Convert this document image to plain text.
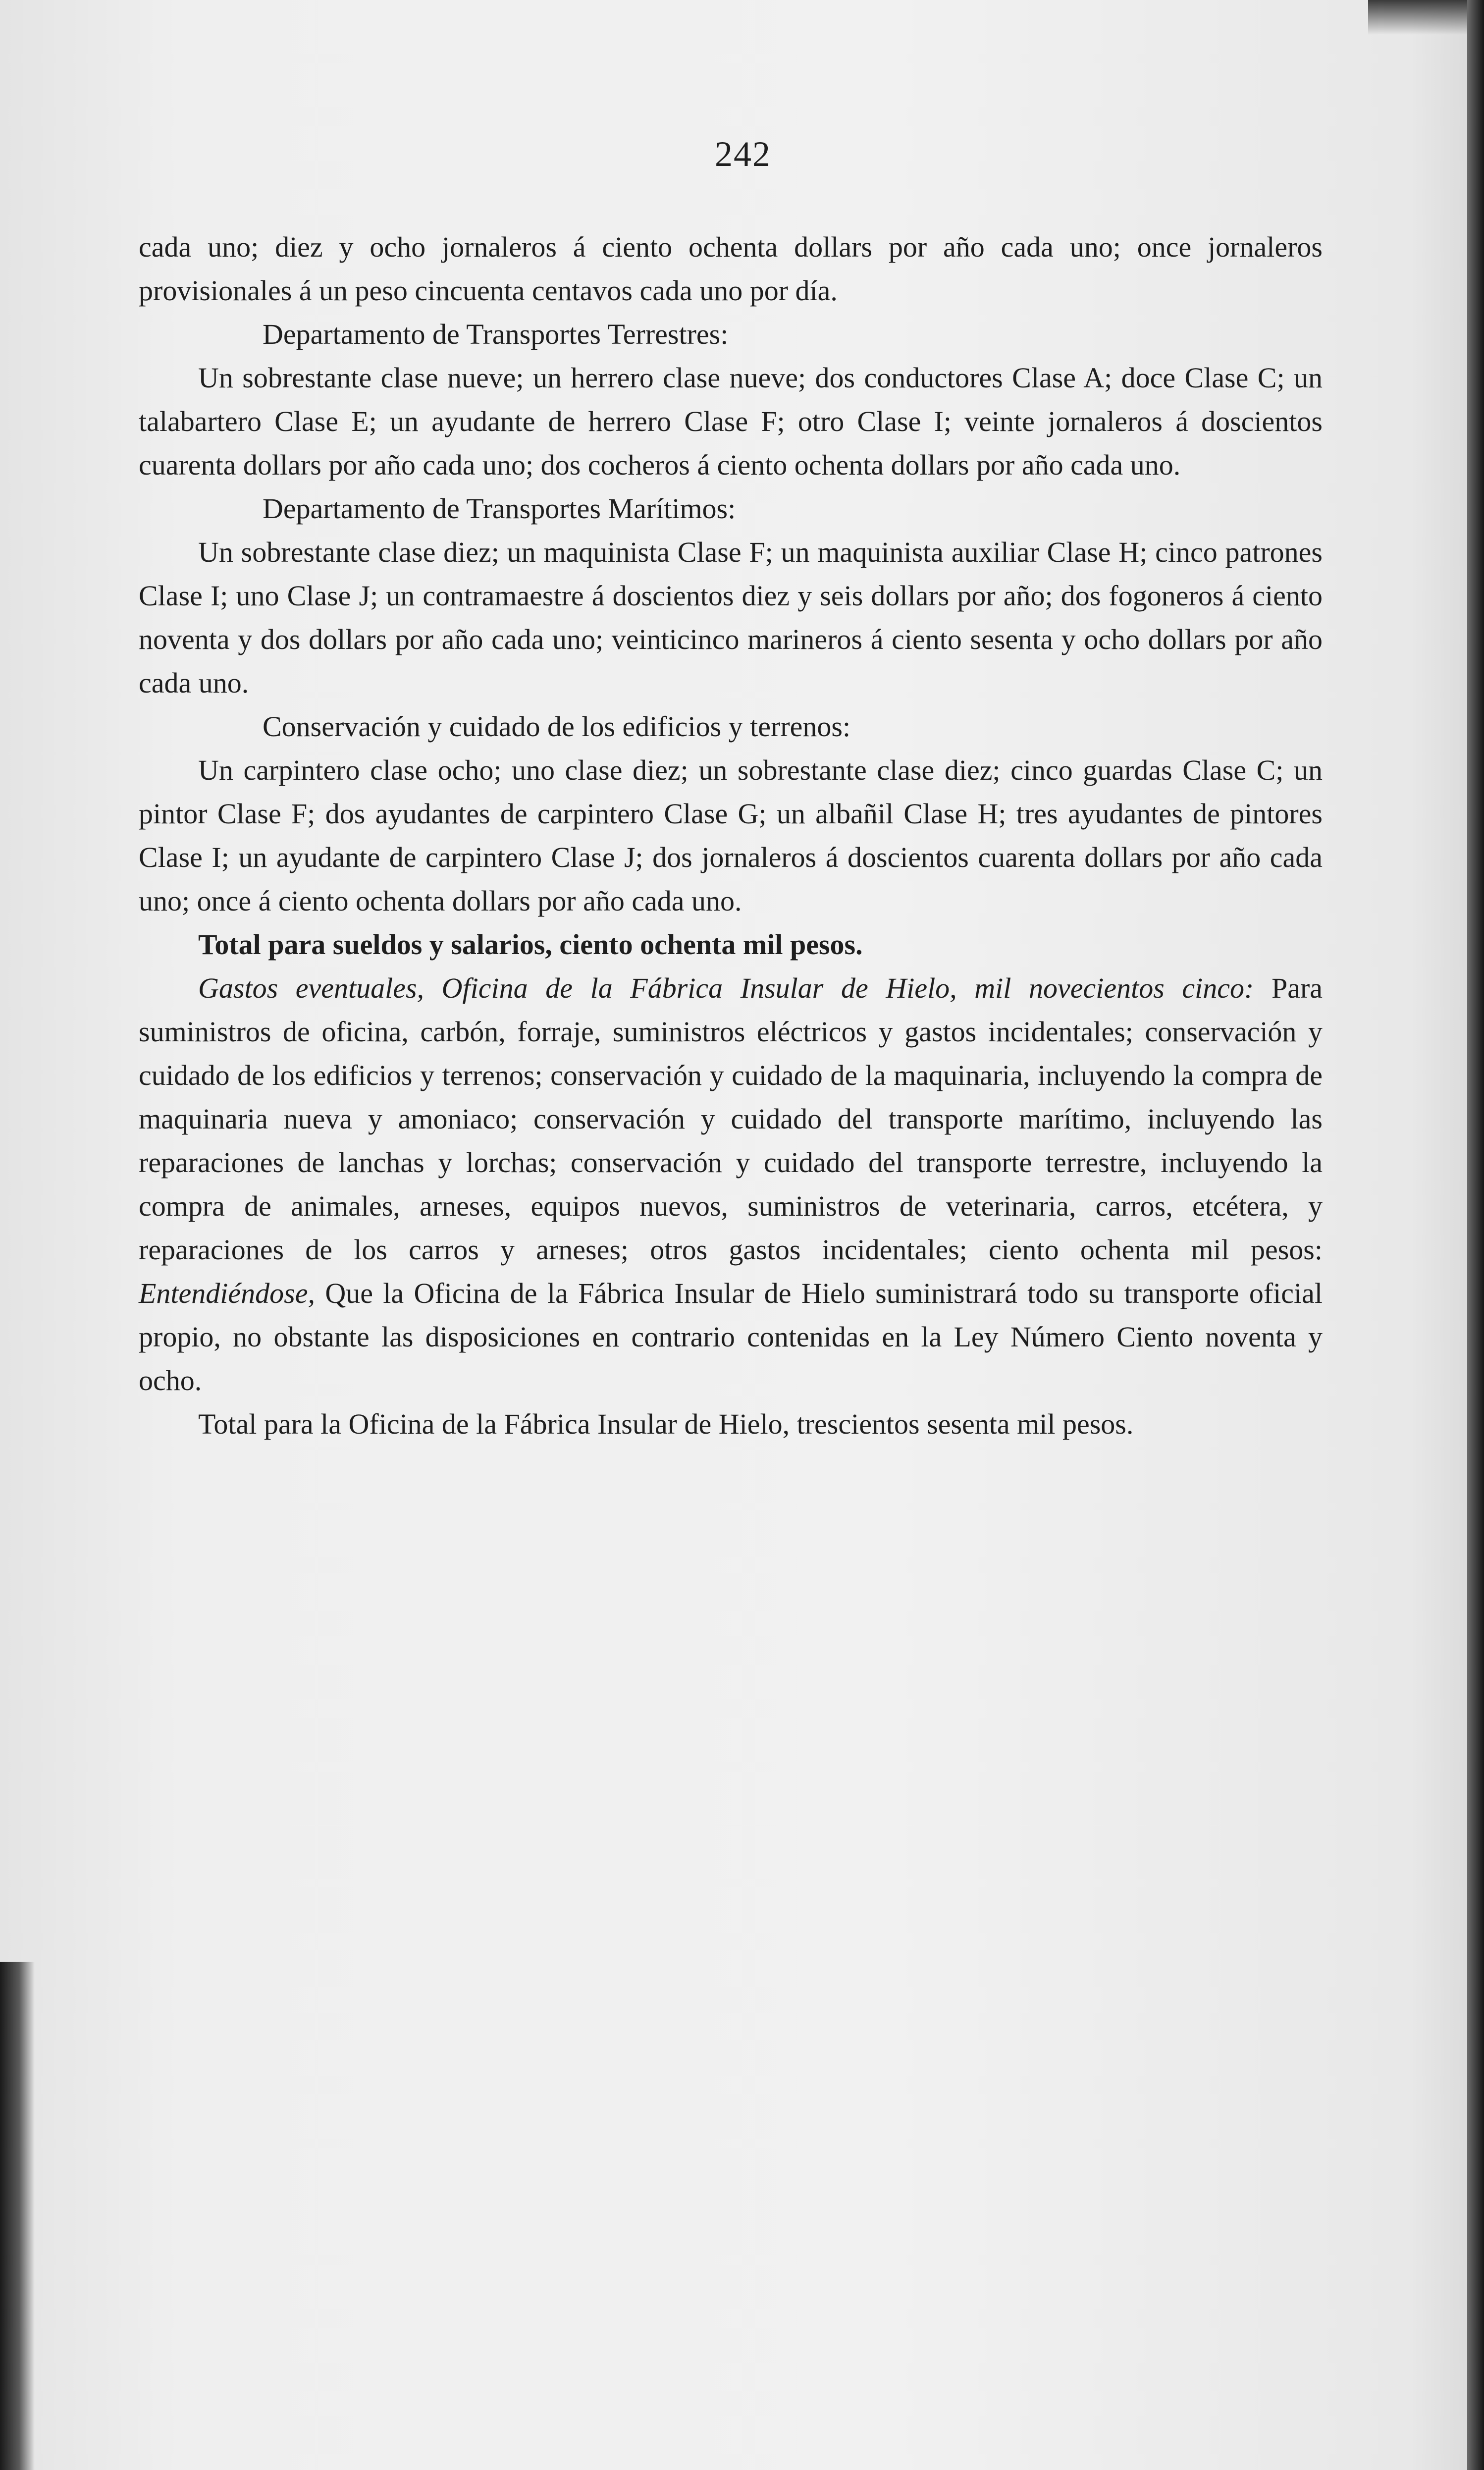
242

cada uno; diez y ocho jornaleros á ciento ochenta dollars por año cada uno; once jornaleros provisionales á un peso cincuenta centavos cada uno por día.

Departamento de Transportes Terrestres:

Un sobrestante clase nueve; un herrero clase nueve; dos conductores Clase A; doce Clase C; un talabartero Clase E; un ayudante de herrero Clase F; otro Clase I; veinte jornaleros á doscientos cuarenta dollars por año cada uno; dos cocheros á ciento ochenta dollars por año cada uno.

Departamento de Transportes Marítimos:

Un sobrestante clase diez; un maquinista Clase F; un maquinista auxiliar Clase H; cinco patrones Clase I; uno Clase J; un contramaestre á doscientos diez y seis dollars por año; dos fogoneros á ciento noventa y dos dollars por año cada uno; veinticinco marineros á ciento sesenta y ocho dollars por año cada uno.

Conservación y cuidado de los edificios y terrenos:

Un carpintero clase ocho; uno clase diez; un sobrestante clase diez; cinco guardas Clase C; un pintor Clase F; dos ayudantes de carpintero Clase G; un albañil Clase H; tres ayudantes de pintores Clase I; un ayudante de carpintero Clase J; dos jornaleros á doscientos cuarenta dollars por año cada uno; once á ciento ochenta dollars por año cada uno.

Total para sueldos y salarios, ciento ochenta mil pesos.

Gastos eventuales, Oficina de la Fábrica Insular de Hielo, mil novecientos cinco: Para suministros de oficina, carbón, forraje, suministros eléctricos y gastos incidentales; conservación y cuidado de los edificios y terrenos; conservación y cuidado de la maquinaria, incluyendo la compra de maquinaria nueva y amoniaco; conservación y cuidado del transporte marítimo, incluyendo las reparaciones de lanchas y lorchas; conservación y cuidado del transporte terrestre, incluyendo la compra de animales, arneses, equipos nuevos, suministros de veterinaria, carros, etcétera, y reparaciones de los carros y arneses; otros gastos incidentales; ciento ochenta mil pesos: Entendiéndose, Que la Oficina de la Fábrica Insular de Hielo suministrará todo su transporte oficial propio, no obstante las disposiciones en contrario contenidas en la Ley Número Ciento noventa y ocho.

Total para la Oficina de la Fábrica Insular de Hielo, trescientos sesenta mil pesos.
